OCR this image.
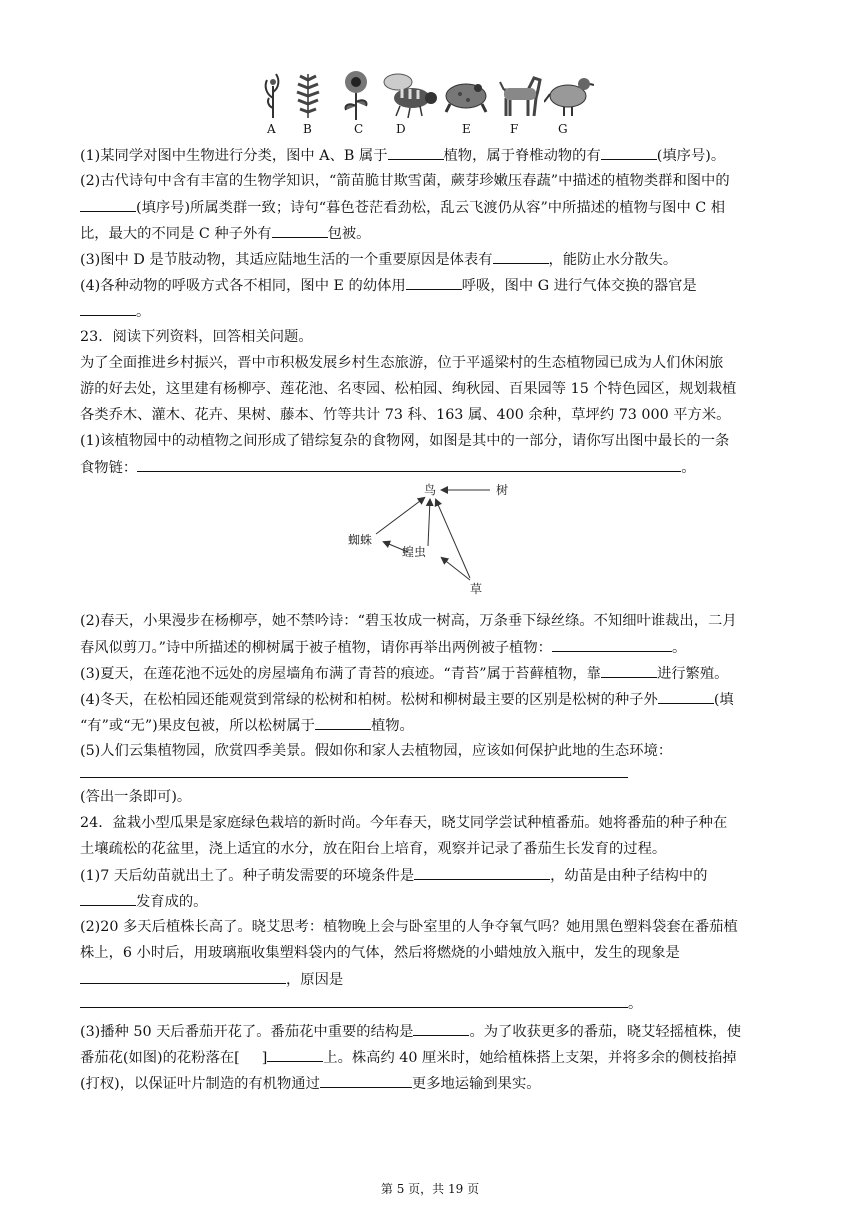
A B	C	D	E	F	G
(1)某同学对图中生物进行分类，图中 A、B 属于	植物，属于脊椎动物的有	(填序号)。
(2)古代诗句中含有丰富的生物学知识，“箭苗脆甘欺雪菌，蕨芽珍嫩压春蔬”中描述的植物类群和图中的
(填序号)所属类群一致；诗句“暮色苍茫看劲松，乱云飞渡仍从容”中所描述的植物与图中 C 相
比，最大的不同是 C 种子外有	包被。
(3)图中 D 是节肢动物，其适应陆地生活的一个重要原因是体表有	，能防止水分散失。
(4)各种动物的呼吸方式各不相同，图中 E 的幼体用	呼吸，图中 G 进行气体交换的器官是
。
23．阅读下列资料，回答相关问题。
为了全面推进乡村振兴，晋中市积极发展乡村生态旅游，位于平遥梁村的生态植物园已成为人们休闲旅
游的好去处，这里建有杨柳亭、莲花池、名枣园、松柏园、绚秋园、百果园等 15 个特色园区，规划栽植
各类乔木、灌木、花卉、果树、藤本、竹等共计 73 科、163 属、400 余种，草坪约 73 000 平方米。
(1)该植物园中的动植物之间形成了错综复杂的食物网，如图是其中的一部分，请你写出图中最长的一条
食物链：	。
鸟	树
蜘蛛
蝗虫
草
(2)春天，小果漫步在杨柳亭，她不禁吟诗：“碧玉妆成一树高，万条垂下绿丝绦。不知细叶谁裁出，二月
春风似剪刀。”诗中所描述的柳树属于被子植物，请你再举出两例被子植物：	。
(3)夏天，在莲花池不远处的房屋墙角布满了青苔的痕迹。“青苔”属于苔藓植物，靠	进行繁殖。
(4)冬天，在松柏园还能观赏到常绿的松树和柏树。松树和柳树最主要的区别是松树的种子外	(填
“有”或“无”)果皮包被，所以松树属于	植物。
(5)人们云集植物园，欣赏四季美景。假如你和家人去植物园，应该如何保护此地的生态环境：
(答出一条即可)。
24．盆栽小型瓜果是家庭绿色栽培的新时尚。今年春天，晓艾同学尝试种植番茄。她将番茄的种子种在
土壤疏松的花盆里，浇上适宜的水分，放在阳台上培育，观察并记录了番茄生长发育的过程。
(1)7 天后幼苗就出土了。种子萌发需要的环境条件是	，幼苗是由种子结构中的
发育成的。
(2)20 多天后植株长高了。晓艾思考：植物晚上会与卧室里的人争夺氧气吗？她用黑色塑料袋套在番茄植
株上，6 小时后，用玻璃瓶收集塑料袋内的气体，然后将燃烧的小蜡烛放入瓶中，发生的现象是
，原因是
。
(3)播种 50 天后番茄开花了。番茄花中重要的结构是	。为了收获更多的番茄，晓艾轻摇植株，使
番茄花(如图)的花粉落在[ ]	上。株高约 40 厘米时，她给植株搭上支架，并将多余的侧枝掐掉
(打杈)，以保证叶片制造的有机物通过	更多地运输到果实。
第 5 页，共 19 页
